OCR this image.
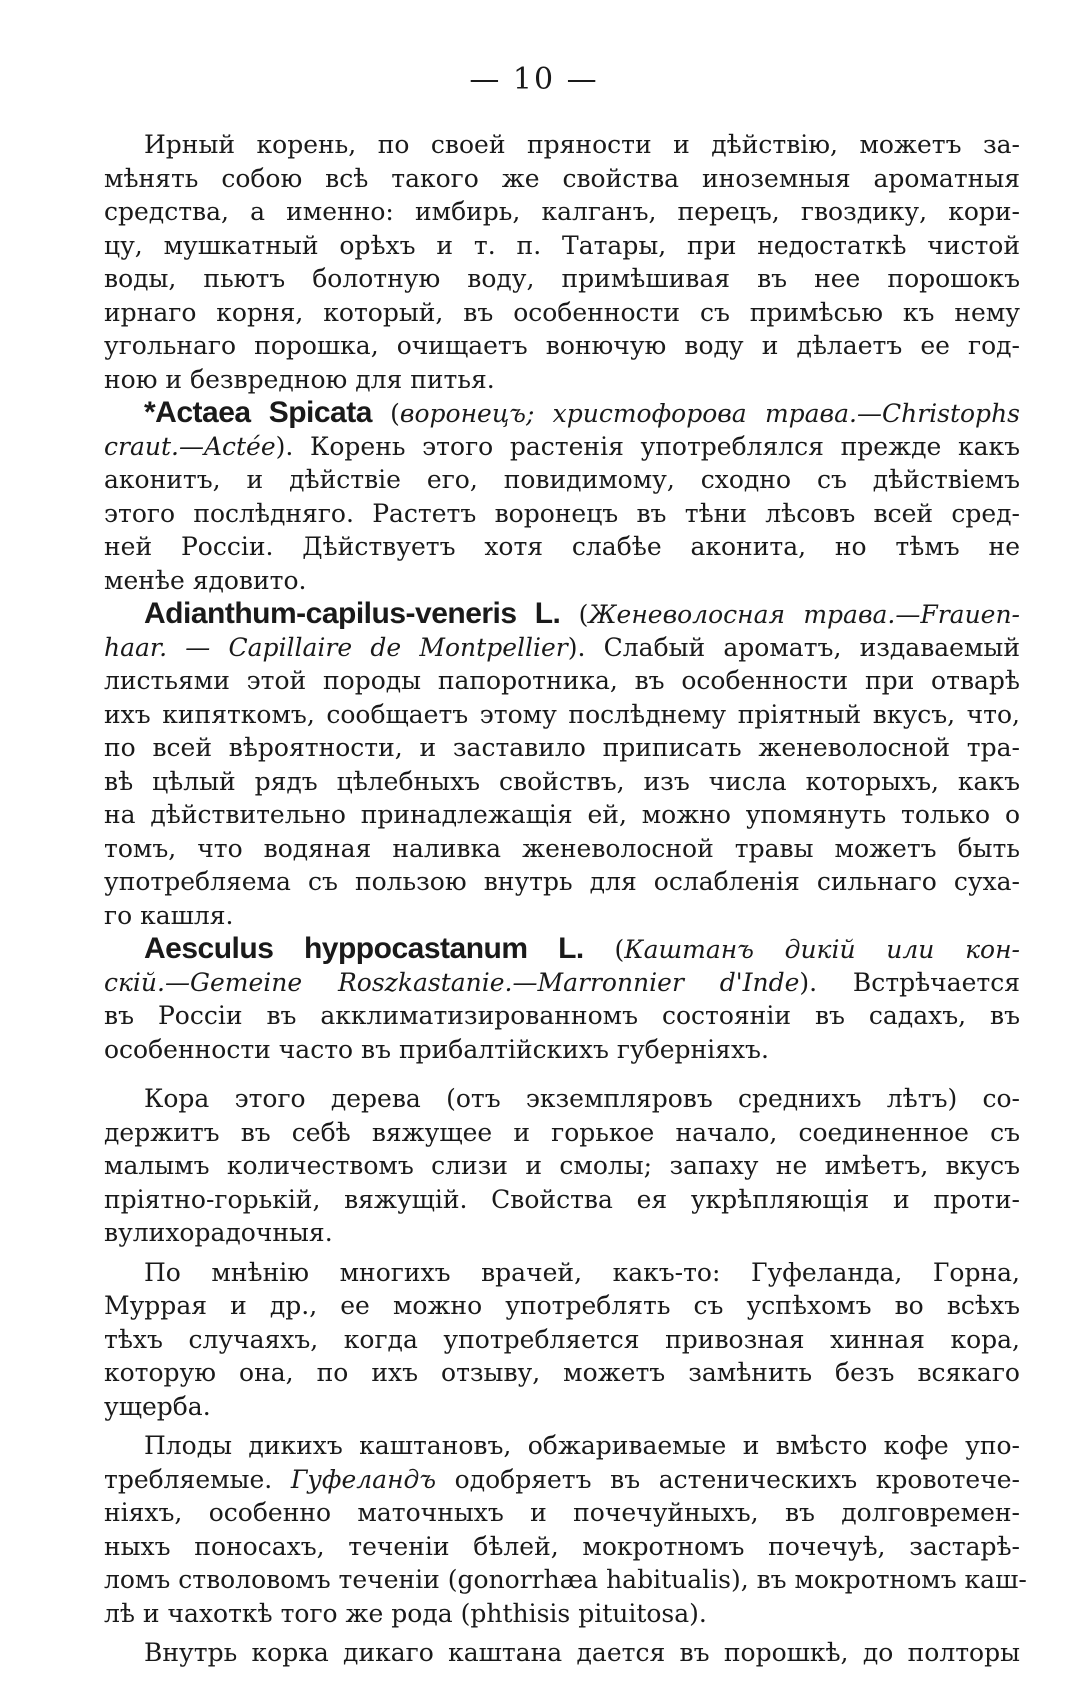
— 10 —
Ирный корень, по своей пряности и дѣйствію, можетъ за-
мѣнять собою всѣ такого же свойства иноземныя ароматныя
средства, а именно: имбирь, калганъ, перецъ, гвоздику, кори-
цу, мушкатный орѣхъ и т. п. Татары, при недостаткѣ чистой
воды, пьютъ болотную воду, примѣшивая въ нее порошокъ
ирнаго корня, который, въ особенности съ примѣсью къ нему
угольнаго порошка, очищаетъ вонючую воду и дѣлаетъ ее год-
ною и безвредною для питья.
*Actaea Spicata (воронецъ; христофорова трава.—Christophs
craut.—Actée). Корень этого растенія употреблялся прежде какъ
аконитъ, и дѣйствіе его, повидимому, сходно съ дѣйствіемъ
этого послѣдняго. Растетъ воронецъ въ тѣни лѣсовъ всей сред-
ней Россіи. Дѣйствуетъ хотя слабѣе аконита, но тѣмъ не
менѣе ядовито.
Adianthum-capilus-veneris L. (Женеволосная трава.—Frauen-
haar. — Capillaire de Montpellier). Слабый ароматъ, издаваемый
листьями этой породы папоротника, въ особенности при отварѣ
ихъ кипяткомъ, сообщаетъ этому послѣднему пріятный вкусъ, что,
по всей вѣроятности, и заставило приписать женеволосной тра-
вѣ цѣлый рядъ цѣлебныхъ свойствъ, изъ числа которыхъ, какъ
на дѣйствительно принадлежащія ей, можно упомянуть только о
томъ, что водяная наливка женеволосной травы можетъ быть
употребляема съ пользою внутрь для ослабленія сильнаго суха-
го кашля.
Aesculus hyppocastanum L. (Каштанъ дикій или кон-
скій.—Gemeine Roszkastanie.—Marronnier d'Inde). Встрѣчается
въ Россіи въ акклиматизированномъ состояніи въ садахъ, въ
особенности часто въ прибалтійскихъ губерніяхъ.
Кора этого дерева (отъ экземпляровъ среднихъ лѣтъ) со-
держитъ въ себѣ вяжущее и горькое начало, соединенное съ
малымъ количествомъ слизи и смолы; запаху не имѣетъ, вкусъ
пріятно-горькій, вяжущій. Свойства ея укрѣпляющія и проти-
вулихорадочныя.
По мнѣнію многихъ врачей, какъ-то: Гуфеланда, Горна,
Муррая и др., ее можно употреблять съ успѣхомъ во всѣхъ
тѣхъ случаяхъ, когда употребляется привозная хинная кора,
которую она, по ихъ отзыву, можетъ замѣнить безъ всякаго
ущерба.
Плоды дикихъ каштановъ, обжариваемые и вмѣсто кофе упо-
требляемые. Гуфеландъ одобряетъ въ астеническихъ кровотече-
ніяхъ, особенно маточныхъ и почечуйныхъ, въ долговремен-
ныхъ поносахъ, теченіи бѣлей, мокротномъ почечуѣ, застарѣ-
ломъ стволовомъ теченіи (gonorrhæa habitualis), въ мокротномъ каш-
лѣ и чахоткѣ того же рода (phthisis pituitosa).
Внутрь корка дикаго каштана дается въ порошкѣ, до полторы
